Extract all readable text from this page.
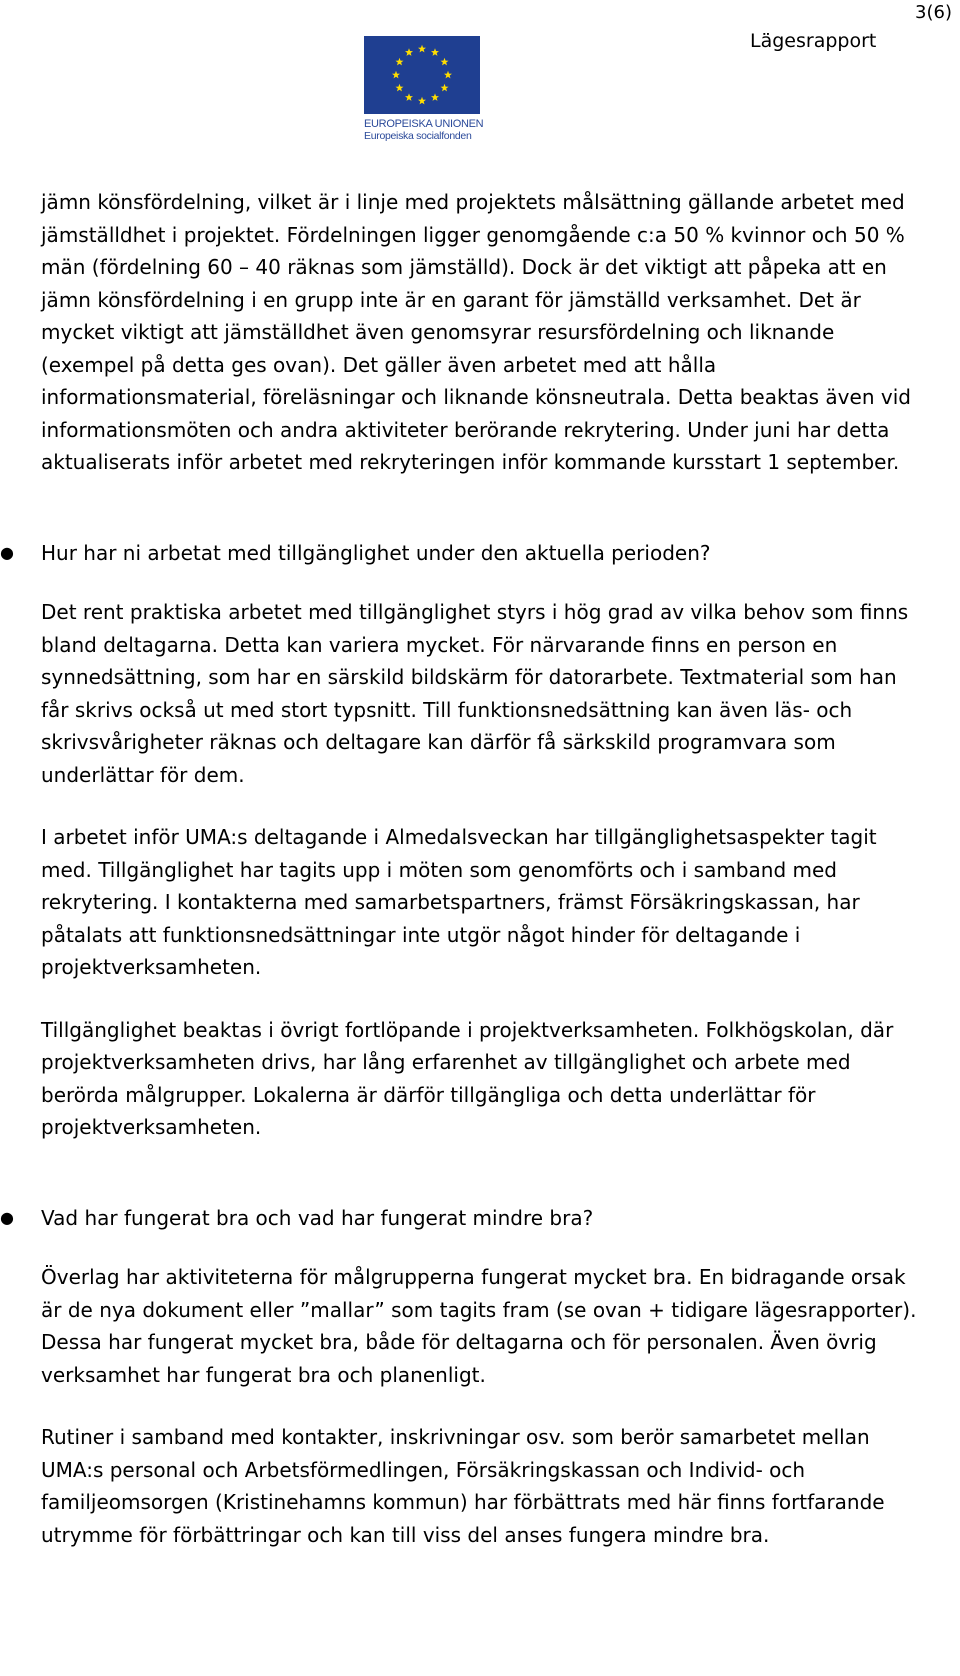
3(6)
Lägesrapport
EUROPEISKA UNIONEN
Europeiska socialfonden

jämn könsfördelning, vilket är i linje med projektets målsättning gällande arbetet med jämställdhet i projektet. Fördelningen ligger genomgående c:a 50 % kvinnor och 50 % män (fördelning 60 – 40 räknas som jämställd). Dock är det viktigt att påpeka att en jämn könsfördelning i en grupp inte är en garant för jämställd verksamhet. Det är mycket viktigt att jämställdhet även genomsyrar resursfördelning och liknande (exempel på detta ges ovan). Det gäller även arbetet med att hålla informationsmaterial, föreläsningar och liknande könsneutrala. Detta beaktas även vid informationsmöten och andra aktiviteter berörande rekrytering. Under juni har detta aktualiserats inför arbetet med rekryteringen inför kommande kursstart 1 september.

●	Hur har ni arbetat med tillgänglighet under den aktuella perioden?

Det rent praktiska arbetet med tillgänglighet styrs i hög grad av vilka behov som finns bland deltagarna. Detta kan variera mycket. För närvarande finns en person en synnedsättning, som har en särskild bildskärm för datorarbete. Textmaterial som han får skrivs också ut med stort typsnitt. Till funktionsnedsättning kan även läs- och skrivsvårigheter räknas och deltagare kan därför få särkskild programvara som underlättar för dem.

I arbetet inför UMA:s deltagande i Almedalsveckan har tillgänglighetsaspekter tagit med. Tillgänglighet har tagits upp i möten som genomförts och i samband med rekrytering. I kontakterna med samarbetspartners, främst Försäkringskassan, har påtalats att funktionsnedsättningar inte utgör något hinder för deltagande i projektverksamheten.

Tillgänglighet beaktas i övrigt fortlöpande i projektverksamheten. Folkhögskolan, där projektverksamheten drivs, har lång erfarenhet av tillgänglighet och arbete med berörda målgrupper. Lokalerna är därför tillgängliga och detta underlättar för projektverksamheten.

●	Vad har fungerat bra och vad har fungerat mindre bra?

Överlag har aktiviteterna för målgrupperna fungerat mycket bra. En bidragande orsak är de nya dokument eller ”mallar” som tagits fram (se ovan + tidigare lägesrapporter). Dessa har fungerat mycket bra, både för deltagarna och för personalen. Även övrig verksamhet har fungerat bra och planenligt.

Rutiner i samband med kontakter, inskrivningar osv. som berör samarbetet mellan UMA:s personal och Arbetsförmedlingen, Försäkringskassan och Individ- och familjeomsorgen (Kristinehamns kommun) har förbättrats med här finns fortfarande utrymme för förbättringar och kan till viss del anses fungera mindre bra.
